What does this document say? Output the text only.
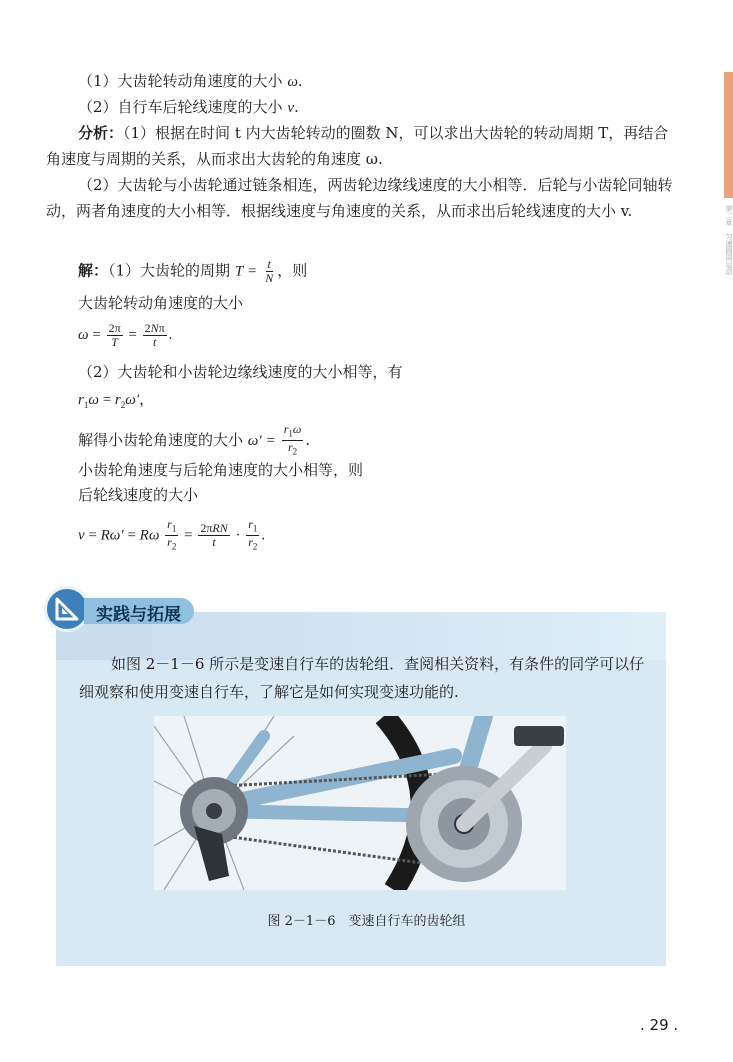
第二章　匀速圆周运动
（1）大齿轮转动角速度的大小 ω.
（2）自行车后轮线速度的大小 v.
分析：（1）根据在时间 t 内大齿轮转动的圈数 N，可以求出大齿轮的转动周期 T，再结合角速度与周期的关系，从而求出大齿轮的角速度 ω.
（2）大齿轮与小齿轮通过链条相连，两齿轮边缘线速度的大小相等．后轮与小齿轮同轴转动，两者角速度的大小相等．根据线速度与角速度的关系，从而求出后轮线速度的大小 v.
解：（1）大齿轮的周期 $T = \frac{t}{N}$ ，则
大齿轮转动角速度的大小
$\omega = \frac{2\pi}{T} = \frac{2N\pi}{t}$ .
（2）大齿轮和小齿轮边缘线速度的大小相等，有
$r_1\omega = r_2\omega'$，
解得小齿轮角速度的大小 $\omega' = \frac{r_1\omega}{r_2}$ .
小齿轮角速度与后轮角速度的大小相等，则
后轮线速度的大小
v = Rω′ = Rω $\frac{r_1}{r_2} = \frac{\text{2πRN}}{t} \cdot \frac{r_1}{r_2}$ .
实践与拓展
如图 2－1－6 所示是变速自行车的齿轮组．查阅相关资料，有条件的同学可以仔细观察和使用变速自行车，了解它是如何实现变速功能的.
图 2－1－6　变速自行车的齿轮组
. 29 .
